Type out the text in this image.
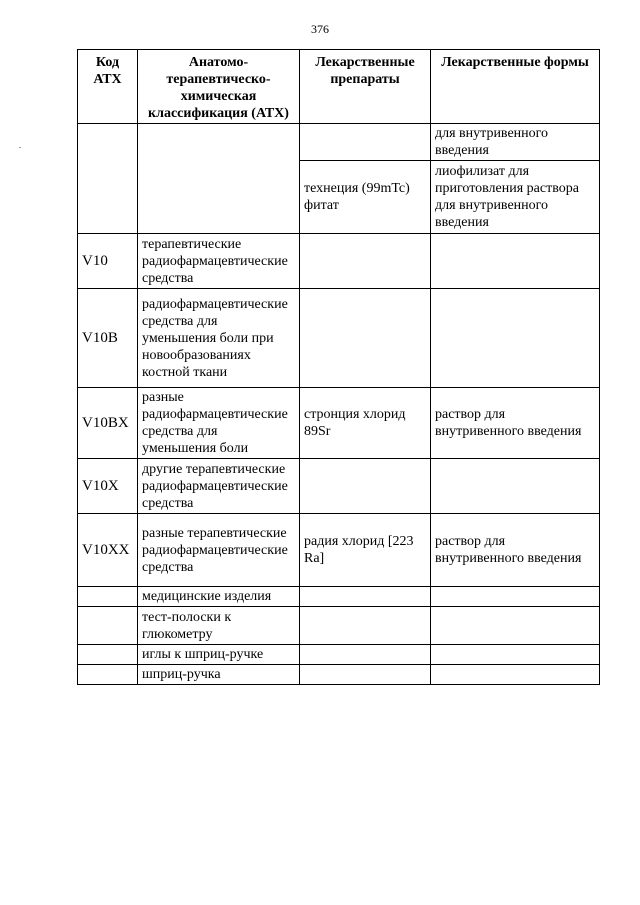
376
Код АТХ	Анатомо-терапевтическо-химическая классификация (АТХ)	Лекарственные препараты	Лекарственные формы
			для внутривенного введения
		технеция (99mTc) фитат	лиофилизат для приготовления раствора для внутривенного введения
V10	терапевтические радиофармацевтические средства		
V10B	радиофармацевтические средства для уменьшения боли при новообразованиях костной ткани		
V10BX	разные радиофармацевтические средства для уменьшения боли	стронция хлорид 89Sr	раствор для внутривенного введения
V10X	другие терапевтические радиофармацевтические средства		
V10XX	разные терапевтические радиофармацевтические средства	радия хлорид [223 Ra]	раствор для внутривенного введения
	медицинские изделия		
	тест-полоски к глюкометру		
	иглы к шприц-ручке		
	шприц-ручка		
